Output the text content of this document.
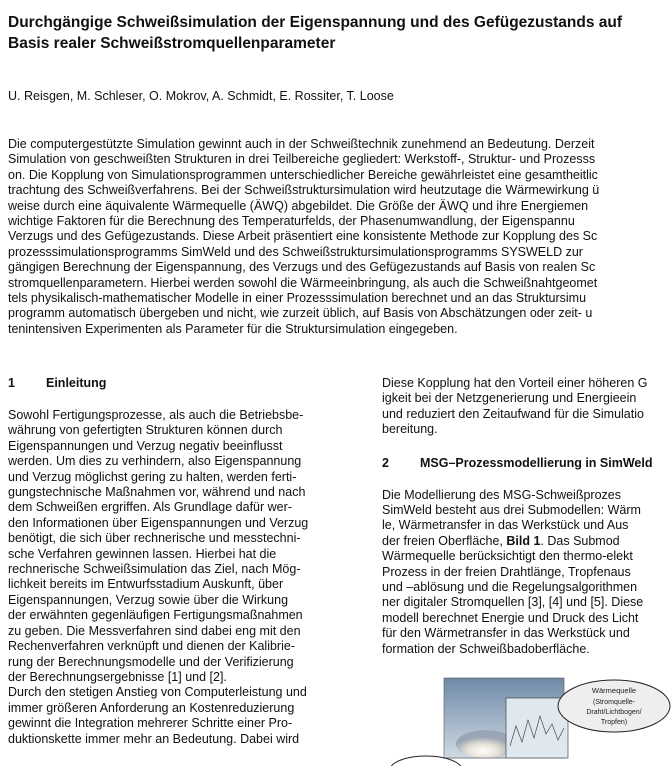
Durchgängige Schweißsimulation der Eigenspannung und des Gefügezustands auf
Basis realer Schweißstromquellenparameter
U. Reisgen, M. Schleser, O. Mokrov, A. Schmidt, E. Rossiter, T. Loose
Die computergestützte Simulation gewinnt auch in der Schweißtechnik zunehmend an Bedeutung. Derzeit
Simulation von geschweißten Strukturen in drei Teilbereiche gegliedert: Werkstoff-, Struktur- und Prozesss
on. Die Kopplung von Simulationsprogrammen unterschiedlicher Bereiche gewährleistet eine gesamtheitlic
trachtung des Schweißverfahrens. Bei der Schweißstruktursimulation wird heutzutage die Wärmewirkung ü
weise durch eine äquivalente Wärmequelle (ÄWQ) abgebildet. Die Größe der ÄWQ und ihre Energiemen
wichtige Faktoren für die Berechnung des Temperaturfelds, der Phasenumwandlung, der Eigenspannu
Verzugs und des Gefügezustands. Diese Arbeit präsentiert eine konsistente Methode zur Kopplung des Sc
prozesssimulationsprogramms SimWeld und des Schweißstruktursimulationsprogramms SYSWELD zur
gängigen Berechnung der Eigenspannung, des Verzugs und des Gefügezustands auf Basis von realen Sc
stromquellenparametern. Hierbei werden sowohl die Wärmeeinbringung, als auch die Schweißnahtgeomet
tels physikalisch-mathematischer Modelle in einer Prozesssimulation berechnet und an das Struktursimu
programm automatisch übergeben und nicht, wie zurzeit üblich, auf Basis von Abschätzungen oder zeit- u
tenintensiven Experimenten als Parameter für die Struktursimulation eingegeben.
1 Einleitung
Sowohl Fertigungsprozesse, als auch die Betriebsbe-
währung von gefertigten Strukturen können durch
Eigenspannungen und Verzug negativ beeinflusst
werden. Um dies zu verhindern, also Eigenspannung
und Verzug möglichst gering zu halten, werden ferti-
gungstechnische Maßnahmen vor, während und nach
dem Schweißen ergriffen. Als Grundlage dafür wer-
den Informationen über Eigenspannungen und Verzug
benötigt, die sich über rechnerische und messtechni-
sche Verfahren gewinnen lassen. Hierbei hat die
rechnerische Schweißsimulation das Ziel, nach Mög-
lichkeit bereits im Entwurfsstadium Auskunft, über
Eigenspannungen, Verzug sowie über die Wirkung
der erwähnten gegenläufigen Fertigungsmaßnahmen
zu geben. Die Messverfahren sind dabei eng mit den
Rechenverfahren verknüpft und dienen der Kalibrie-
rung der Berechnungsmodelle und der Verifizierung
der Berechnungsergebnisse [1] und [2].
Durch den stetigen Anstieg von Computerleistung und
immer größeren Anforderung an Kostenreduzierung
gewinnt die Integration mehrerer Schritte einer Pro-
duktionskette immer mehr an Bedeutung. Dabei wird
Diese Kopplung hat den Vorteil einer höheren G
igkeit bei der Netzgenerierung und Energieein
und reduziert den Zeitaufwand für die Simulatio
bereitung.
2 MSG–Prozessmodellierung in SimWeld
Die Modellierung des MSG-Schweißprozes
SimWeld besteht aus drei Submodellen: Wärm
le, Wärmetransfer in das Werkstück und Aus
der freien Oberfläche, Bild 1. Das Submod
Wärmequelle berücksichtigt den thermo-elekt
Prozess in der freien Drahtlänge, Tropfenaus
und –ablösung und die Regelungsalgorithmen
ner digitaler Stromquellen [3], [4] und [5]. Diese
modell berechnet Energie und Druck des Licht
für den Wärmetransfer in das Werkstück und
formation der Schweißbadoberfläche.
Wärmequelle
(Stromquelle-
Draht/Lichtbogen/
Tropfen)
